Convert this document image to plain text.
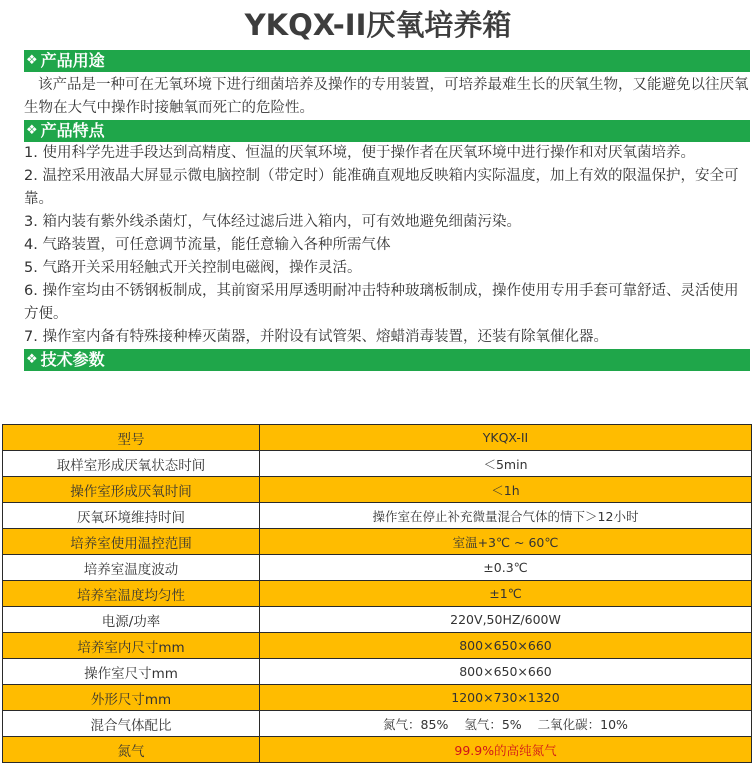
YKQX-II厌氧培养箱
❖ 产品用途

该产品是一种可在无氧环境下进行细菌培养及操作的专用装置，可培养最难生长的厌氧生物，又能避免以往厌氧生物在大气中操作时接触氧而死亡的危险性。

❖ 产品特点

1. 使用科学先进手段达到高精度、恒温的厌氧环境，便于操作者在厌氧环境中进行操作和对厌氧菌培养。

2. 温控采用液晶大屏显示微电脑控制（带定时）能准确直观地反映箱内实际温度，加上有效的限温保护，安全可靠。

3. 箱内装有紫外线杀菌灯，气体经过滤后进入箱内，可有效地避免细菌污染。

4. 气路装置，可任意调节流量，能任意输入各种所需气体

5. 气路开关采用轻触式开关控制电磁阀，操作灵活。

6. 操作室均由不锈钢板制成，其前窗采用厚透明耐冲击特种玻璃板制成，操作使用专用手套可靠舒适、灵活使用方便。

7. 操作室内备有特殊接种棒灭菌器，并附设有试管架、熔蜡消毒装置，还装有除氧催化器。

❖ 技术参数
型号	YKQX-II
取样室形成厌氧状态时间	＜5min
操作室形成厌氧时间	＜1h
厌氧环境维持时间	操作室在停止补充微量混合气体的情下＞12小时
培养室使用温控范围	室温+3℃ ~ 60℃
培养室温度波动	±0.3℃
培养室温度均匀性	±1℃
电源/功率	220V,50HZ/600W
培养室内尺寸mm	800×650×660
操作室尺寸mm	800×650×660
外形尺寸mm	1200×730×1320
混合气体配比	氮气：85% 氢气：5% 二氧化碳：10%
氮气	99.9%的高纯氮气
